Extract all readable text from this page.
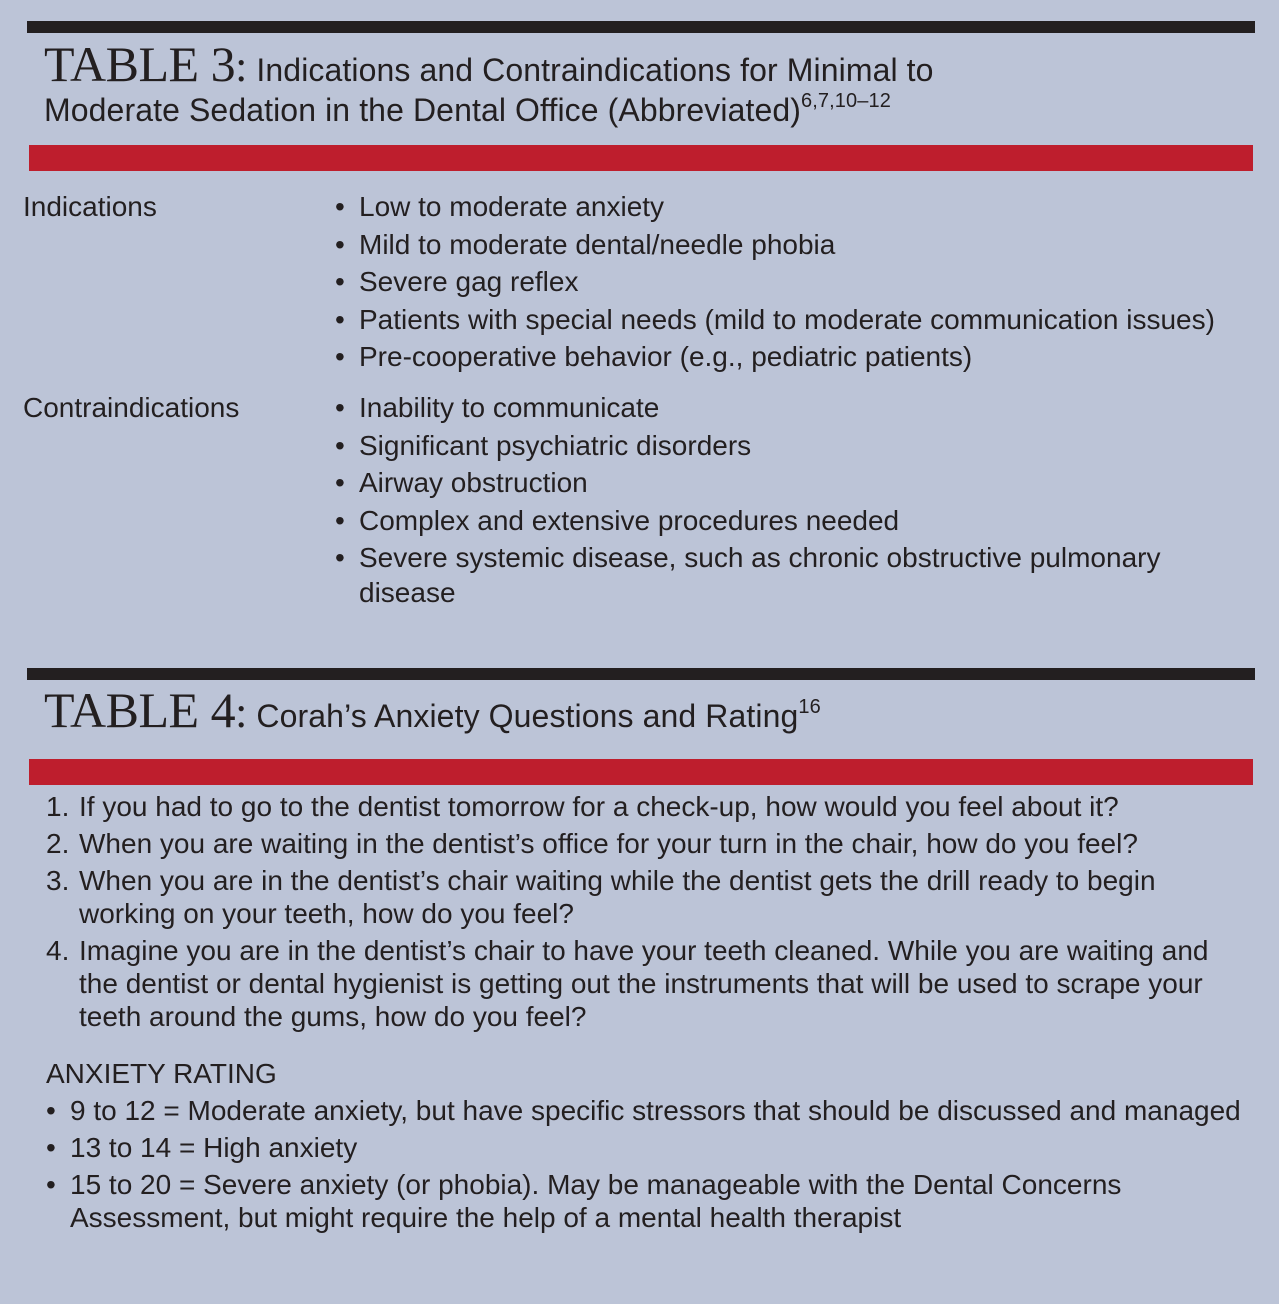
TABLE 3: Indications and Contraindications for Minimal to
Moderate Sedation in the Dental Office (Abbreviated)$^{6,7,10-12}$
Indications	• Low to moderate anxiety
• Mild to moderate dental/needle phobia
• Severe gag reflex
• Patients with special needs (mild to moderate communication issues)
• Pre-cooperative behavior (e.g., pediatric patients)
Contraindications	• Inability to communicate
• Significant psychiatric disorders
• Airway obstruction
• Complex and extensive procedures needed
• Severe systemic disease, such as chronic obstructive pulmonary
disease
TABLE 4: Corah’s Anxiety Questions and Rating$^{16}$
1. If you had to go to the dentist tomorrow for a check-up, how would you feel about it?
2. When you are waiting in the dentist’s office for your turn in the chair, how do you feel?
3. When you are in the dentist’s chair waiting while the dentist gets the drill ready to begin working on your teeth, how do you feel?
4. Imagine you are in the dentist’s chair to have your teeth cleaned. While you are waiting and the dentist or dental hygienist is getting out the instruments that will be used to scrape your teeth around the gums, how do you feel?
ANXIETY RATING
• 9 to 12 = Moderate anxiety, but have specific stressors that should be discussed and managed
• 13 to 14 = High anxiety
• 15 to 20 = Severe anxiety (or phobia). May be manageable with the Dental Concerns Assessment, but might require the help of a mental health therapist
